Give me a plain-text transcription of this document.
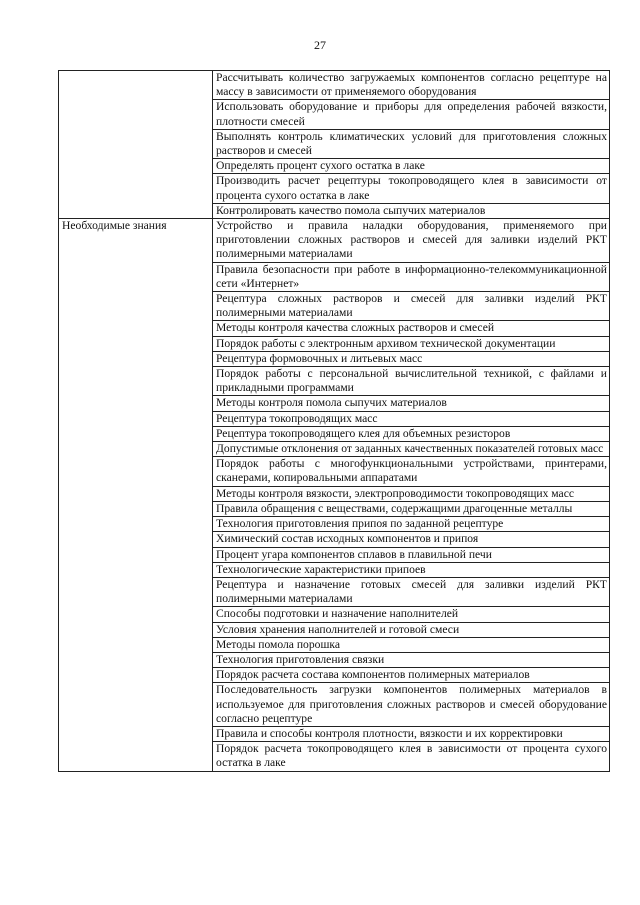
27
	Рассчитывать количество загружаемых компонентов согласно рецептуре на массу в зависимости от применяемого оборудования
	Использовать оборудование и приборы для определения рабочей вязкости, плотности смесей
	Выполнять контроль климатических условий для приготовления сложных растворов и смесей
	Определять процент сухого остатка в лаке
	Производить расчет рецептуры токопроводящего клея в зависимости от процента сухого остатка в лаке
	Контролировать качество помола сыпучих материалов

Необходимые знания	Устройство и правила наладки оборудования, применяемого при приготовлении сложных растворов и смесей для заливки изделий РКТ полимерными материалами
	Правила безопасности при работе в информационно-телекоммуникационной сети «Интернет»
	Рецептура сложных растворов и смесей для заливки изделий РКТ полимерными материалами
	Методы контроля качества сложных растворов и смесей
	Порядок работы с электронным архивом технической документации
	Рецептура формовочных и литьевых масс
	Порядок работы с персональной вычислительной техникой, с файлами и прикладными программами
	Методы контроля помола сыпучих материалов
	Рецептура токопроводящих масс
	Рецептура токопроводящего клея для объемных резисторов
	Допустимые отклонения от заданных качественных показателей готовых масс
	Порядок работы с многофункциональными устройствами, принтерами, сканерами, копировальными аппаратами
	Методы контроля вязкости, электропроводимости токопроводящих масс
	Правила обращения с веществами, содержащими драгоценные металлы
	Технология приготовления припоя по заданной рецептуре
	Химический состав исходных компонентов и припоя
	Процент угара компонентов сплавов в плавильной печи
	Технологические характеристики припоев
	Рецептура и назначение готовых смесей для заливки изделий РКТ полимерными материалами
	Способы подготовки и назначение наполнителей
	Условия хранения наполнителей и готовой смеси
	Методы помола порошка
	Технология приготовления связки
	Порядок расчета состава компонентов полимерных материалов
	Последовательность загрузки компонентов полимерных материалов в используемое для приготовления сложных растворов и смесей оборудование согласно рецептуре
	Правила и способы контроля плотности, вязкости и их корректировки
	Порядок расчета токопроводящего клея в зависимости от процента сухого остатка в лаке
